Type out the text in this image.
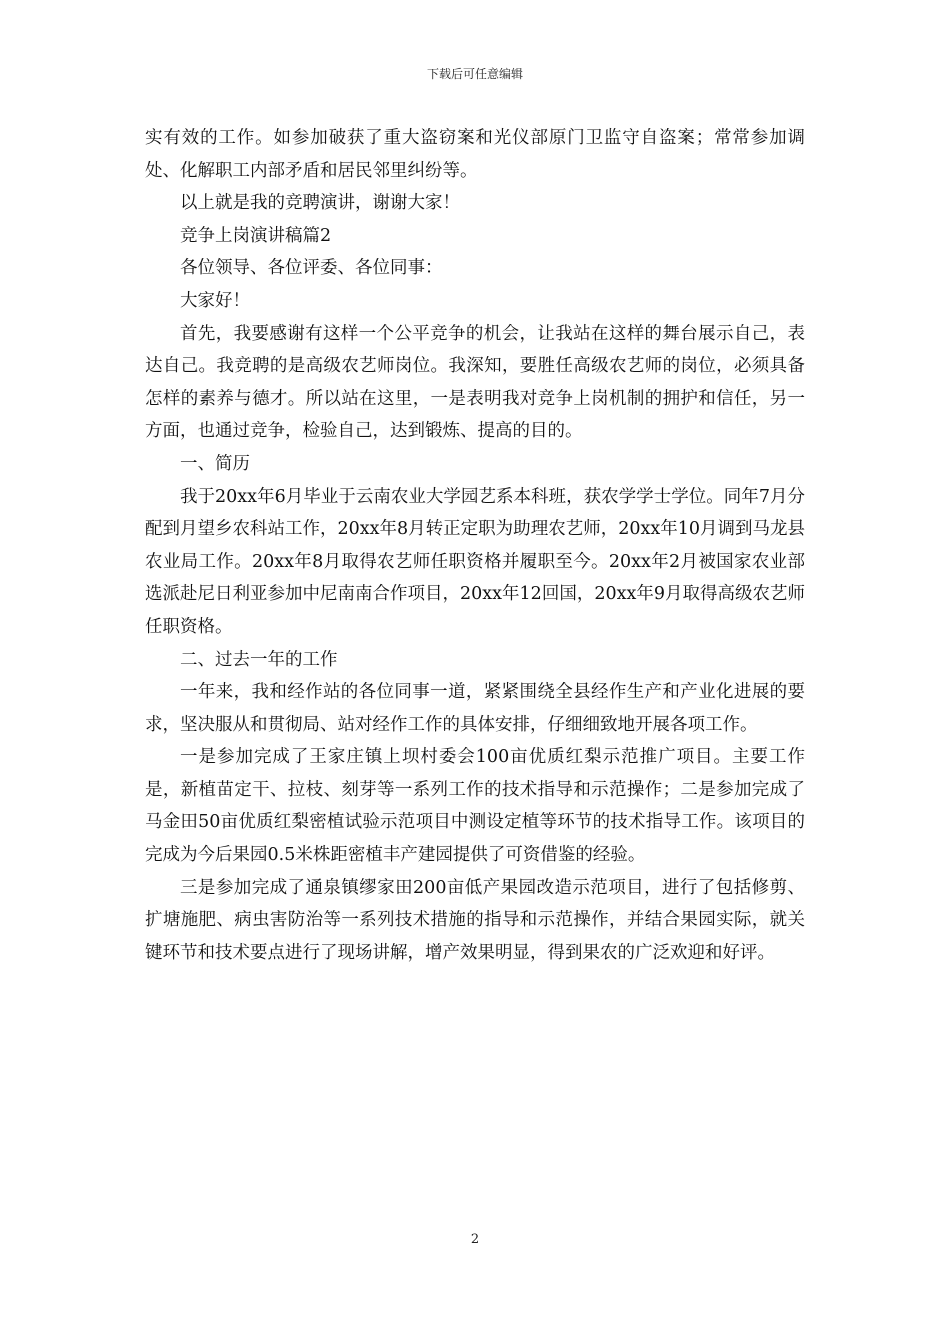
下载后可任意编辑

实有效的工作。如参加破获了重大盗窃案和光仪部原门卫监守自盗案；常常参加调处、化解职工内部矛盾和居民邻里纠纷等。

以上就是我的竞聘演讲，谢谢大家！

竞争上岗演讲稿篇2

各位领导、各位评委、各位同事：

大家好！

首先，我要感谢有这样一个公平竞争的机会，让我站在这样的舞台展示自己，表达自己。我竞聘的是高级农艺师岗位。我深知，要胜任高级农艺师的岗位，必须具备怎样的素养与德才。所以站在这里，一是表明我对竞争上岗机制的拥护和信任，另一方面，也通过竞争，检验自己，达到锻炼、提高的目的。

一、简历

我于20xx年6月毕业于云南农业大学园艺系本科班，获农学学士学位。同年7月分配到月望乡农科站工作，20xx年8月转正定职为助理农艺师，20xx年10月调到马龙县农业局工作。20xx年8月取得农艺师任职资格并履职至今。20xx年2月被国家农业部选派赴尼日利亚参加中尼南南合作项目，20xx年12回国，20xx年9月取得高级农艺师任职资格。

二、过去一年的工作

一年来，我和经作站的各位同事一道，紧紧围绕全县经作生产和产业化进展的要求，坚决服从和贯彻局、站对经作工作的具体安排，仔细细致地开展各项工作。

一是参加完成了王家庄镇上坝村委会100亩优质红梨示范推广项目。主要工作是，新植苗定干、拉枝、刻芽等一系列工作的技术指导和示范操作；二是参加完成了马金田50亩优质红梨密植试验示范项目中测设定植等环节的技术指导工作。该项目的完成为今后果园0.5米株距密植丰产建园提供了可资借鉴的经验。

三是参加完成了通泉镇缪家田200亩低产果园改造示范项目，进行了包括修剪、扩塘施肥、病虫害防治等一系列技术措施的指导和示范操作，并结合果园实际，就关键环节和技术要点进行了现场讲解，增产效果明显，得到果农的广泛欢迎和好评。

2
